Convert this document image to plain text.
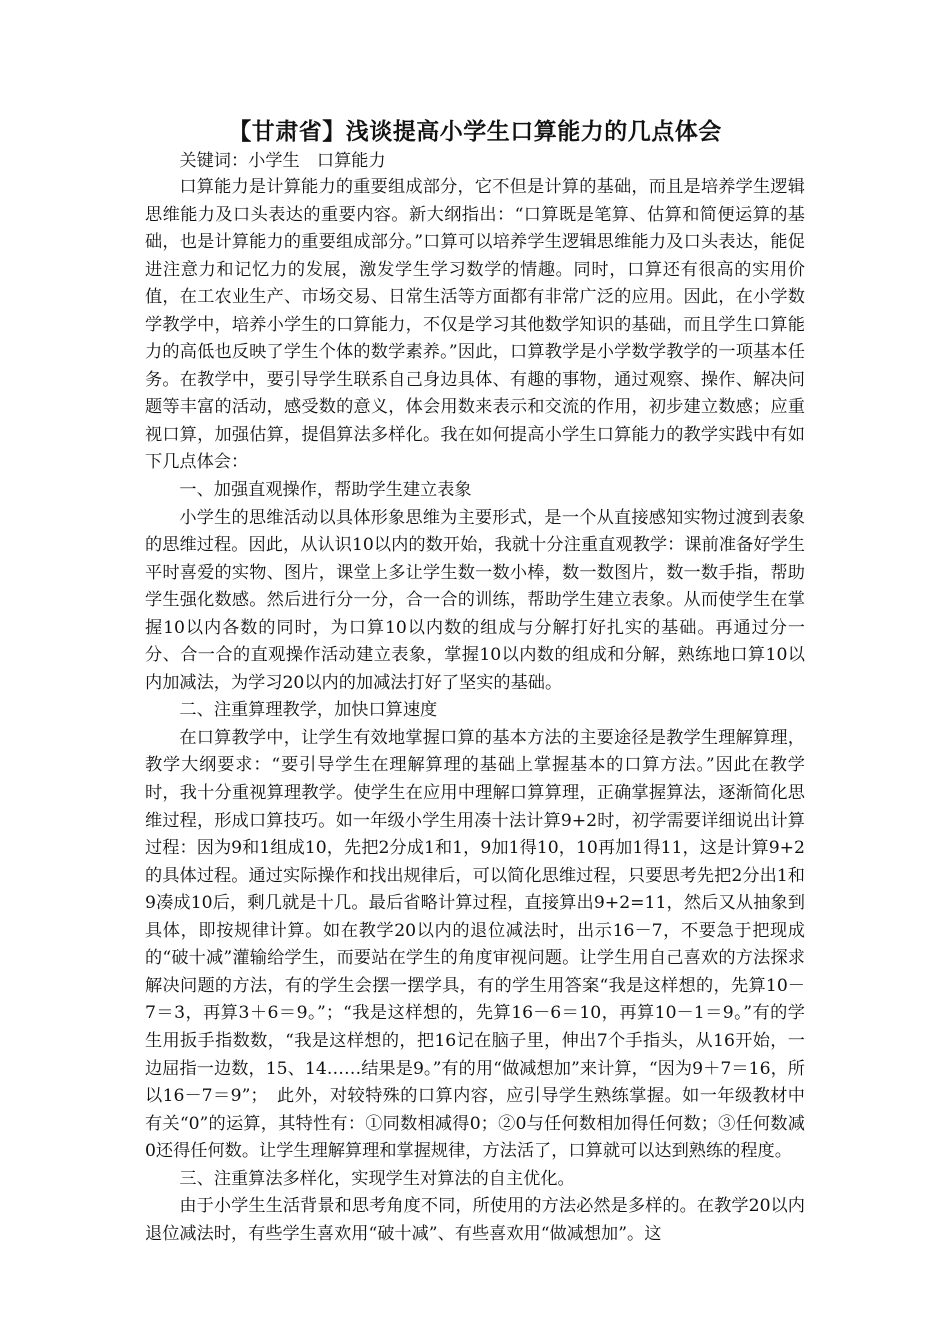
【甘肃省】浅谈提高小学生口算能力的几点体会

关键词：小学生　口算能力

口算能力是计算能力的重要组成部分，它不但是计算的基础，而且是培养学生逻辑思维能力及口头表达的重要内容。新大纲指出：“口算既是笔算、估算和简便运算的基础，也是计算能力的重要组成部分。”口算可以培养学生逻辑思维能力及口头表达，能促进注意力和记忆力的发展，激发学生学习数学的情趣。同时，口算还有很高的实用价值，在工农业生产、市场交易、日常生活等方面都有非常广泛的应用。因此，在小学数学教学中，培养小学生的口算能力，不仅是学习其他数学知识的基础，而且学生口算能力的高低也反映了学生个体的数学素养。”因此，口算教学是小学数学教学的一项基本任务。在教学中，要引导学生联系自己身边具体、有趣的事物，通过观察、操作、解决问题等丰富的活动，感受数的意义，体会用数来表示和交流的作用，初步建立数感；应重视口算，加强估算，提倡算法多样化。我在如何提高小学生口算能力的教学实践中有如下几点体会：

一、加强直观操作，帮助学生建立表象

小学生的思维活动以具体形象思维为主要形式，是一个从直接感知实物过渡到表象的思维过程。因此，从认识10以内的数开始，我就十分注重直观教学：课前准备好学生平时喜爱的实物、图片，课堂上多让学生数一数小棒，数一数图片，数一数手指，帮助学生强化数感。然后进行分一分，合一合的训练，帮助学生建立表象。从而使学生在掌握10以内各数的同时，为口算10以内数的组成与分解打好扎实的基础。再通过分一分、合一合的直观操作活动建立表象，掌握10以内数的组成和分解，熟练地口算10以内加减法，为学习20以内的加减法打好了坚实的基础。

二、注重算理教学，加快口算速度

在口算教学中，让学生有效地掌握口算的基本方法的主要途径是教学生理解算理，教学大纲要求：“要引导学生在理解算理的基础上掌握基本的口算方法。”因此在教学时，我十分重视算理教学。使学生在应用中理解口算算理，正确掌握算法，逐渐简化思维过程，形成口算技巧。如一年级小学生用凑十法计算9+2时，初学需要详细说出计算过程：因为9和1组成10，先把2分成1和1，9加1得10，10再加1得11，这是计算9+2的具体过程。通过实际操作和找出规律后，可以简化思维过程，只要思考先把2分出1和9凑成10后，剩几就是十几。最后省略计算过程，直接算出9+2=11，然后又从抽象到具体，即按规律计算。如在教学20以内的退位减法时，出示16－7，不要急于把现成的“破十减”灌输给学生，而要站在学生的角度审视问题。让学生用自己喜欢的方法探求解决问题的方法，有的学生会摆一摆学具，有的学生用答案“我是这样想的，先算10－7＝3，再算3＋6＝9。”；“我是这样想的，先算16－6＝10，再算10－1＝9。”有的学生用扳手指数数，“我是这样想的，把16记在脑子里，伸出7个手指头，从16开始，一边屈指一边数，15、14……结果是9。”有的用“做减想加”来计算，“因为9＋7＝16，所以16－7＝9”；　此外，对较特殊的口算内容，应引导学生熟练掌握。如一年级教材中有关“0”的运算，其特性有：①同数相减得0；②0与任何数相加得任何数；③任何数减0还得任何数。让学生理解算理和掌握规律，方法活了，口算就可以达到熟练的程度。

三、注重算法多样化，实现学生对算法的自主优化。

由于小学生生活背景和思考角度不同，所使用的方法必然是多样的。在教学20以内退位减法时，有些学生喜欢用“破十减”、有些喜欢用“做减想加”。这
